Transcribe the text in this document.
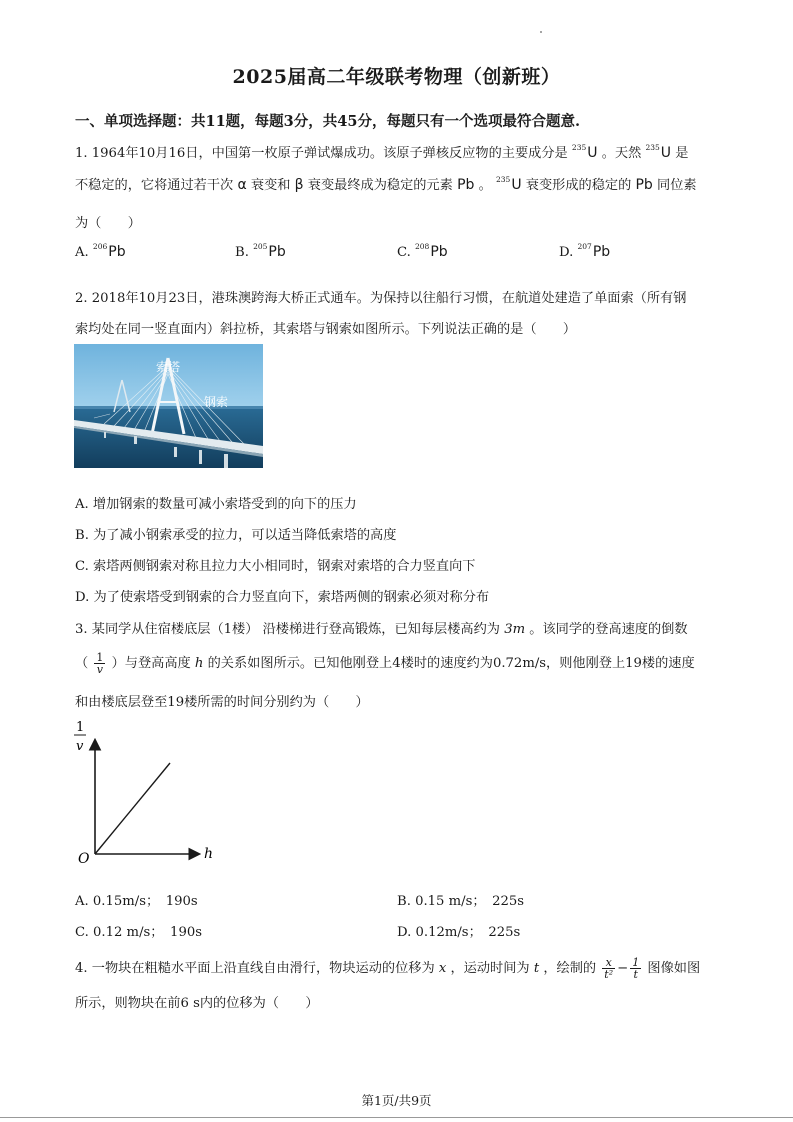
2025届高二年级联考物理（创新班）
一、单项选择题：共11题，每题3分，共45分，每题只有一个选项最符合题意.
1. 1964年10月16日，中国第一枚原子弹试爆成功。该原子弹核反应物的主要成分是 $^{235}$U 。天然 $^{235}$U 是
不稳定的，它将通过若干次 α 衰变和 β 衰变最终成为稳定的元素 Pb 。 $^{235}$U 衰变形成的稳定的 Pb 同位素
为（　　）
A. $^{206}$Pb	B. $^{205}$Pb	C. $^{208}$Pb	D. $^{207}$Pb
2. 2018年10月23日，港珠澳跨海大桥正式通车。为保持以往船行习惯，在航道处建造了单面索（所有钢
索均处在同一竖直面内）斜拉桥，其索塔与钢索如图所示。下列说法正确的是（　　）
索塔
钢索
A. 增加钢索的数量可减小索塔受到的向下的压力
B. 为了减小钢索承受的拉力，可以适当降低索塔的高度
C. 索塔两侧钢索对称且拉力大小相同时，钢索对索塔的合力竖直向下
D. 为了使索塔受到钢索的合力竖直向下，索塔两侧的钢索必须对称分布
3. 某同学从住宿楼底层（1楼） 沿楼梯进行登高锻炼，已知每层楼高约为 3m 。该同学的登高速度的倒数
（ $\frac{1}{v}$ ）与登高高度 h 的关系如图所示。已知他刚登上4楼时的速度约为0.72m/s，则他刚登上19楼的速度
和由楼底层登至19楼所需的时间分别约为（　　）
1
v
O	h
A. 0.15m/s；　190s	B. 0.15 m/s；　225s
C. 0.12 m/s；　190s	D. 0.12m/s；　225s
4. 一物块在粗糙水平面上沿直线自由滑行，物块运动的位移为 x ，运动时间为 t ，绘制的 $\frac{x}{\text{t²}} - \frac{1}{t}$ 图像如图
所示，则物块在前6 s内的位移为（　　）
第1页/共9页
